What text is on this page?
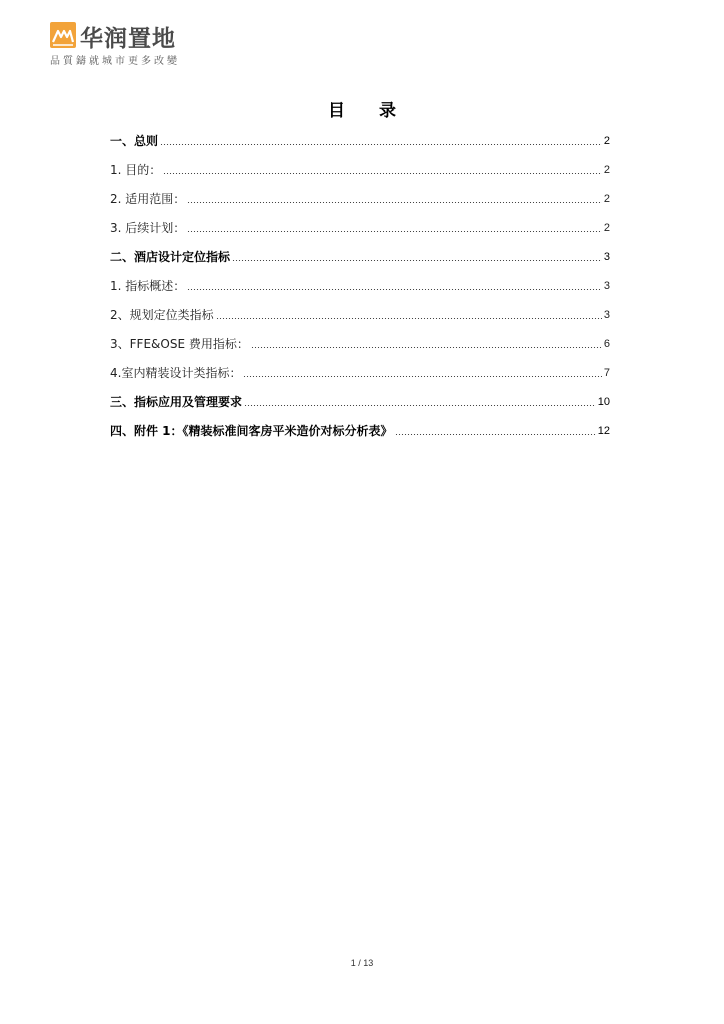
华润置地
品質鑄就城市更多改變
目 录
一、总则	2
1. 目的：	2
2. 适用范围：	2
3. 后续计划：	2
二、酒店设计定位指标	3
1. 指标概述：	3
2、规划定位类指标	3
3、FFE&OSE 费用指标：	6
4.室内精装设计类指标：	7
三、指标应用及管理要求	10
四、附件 1：《精装标准间客房平米造价对标分析表》	12
1 / 13
